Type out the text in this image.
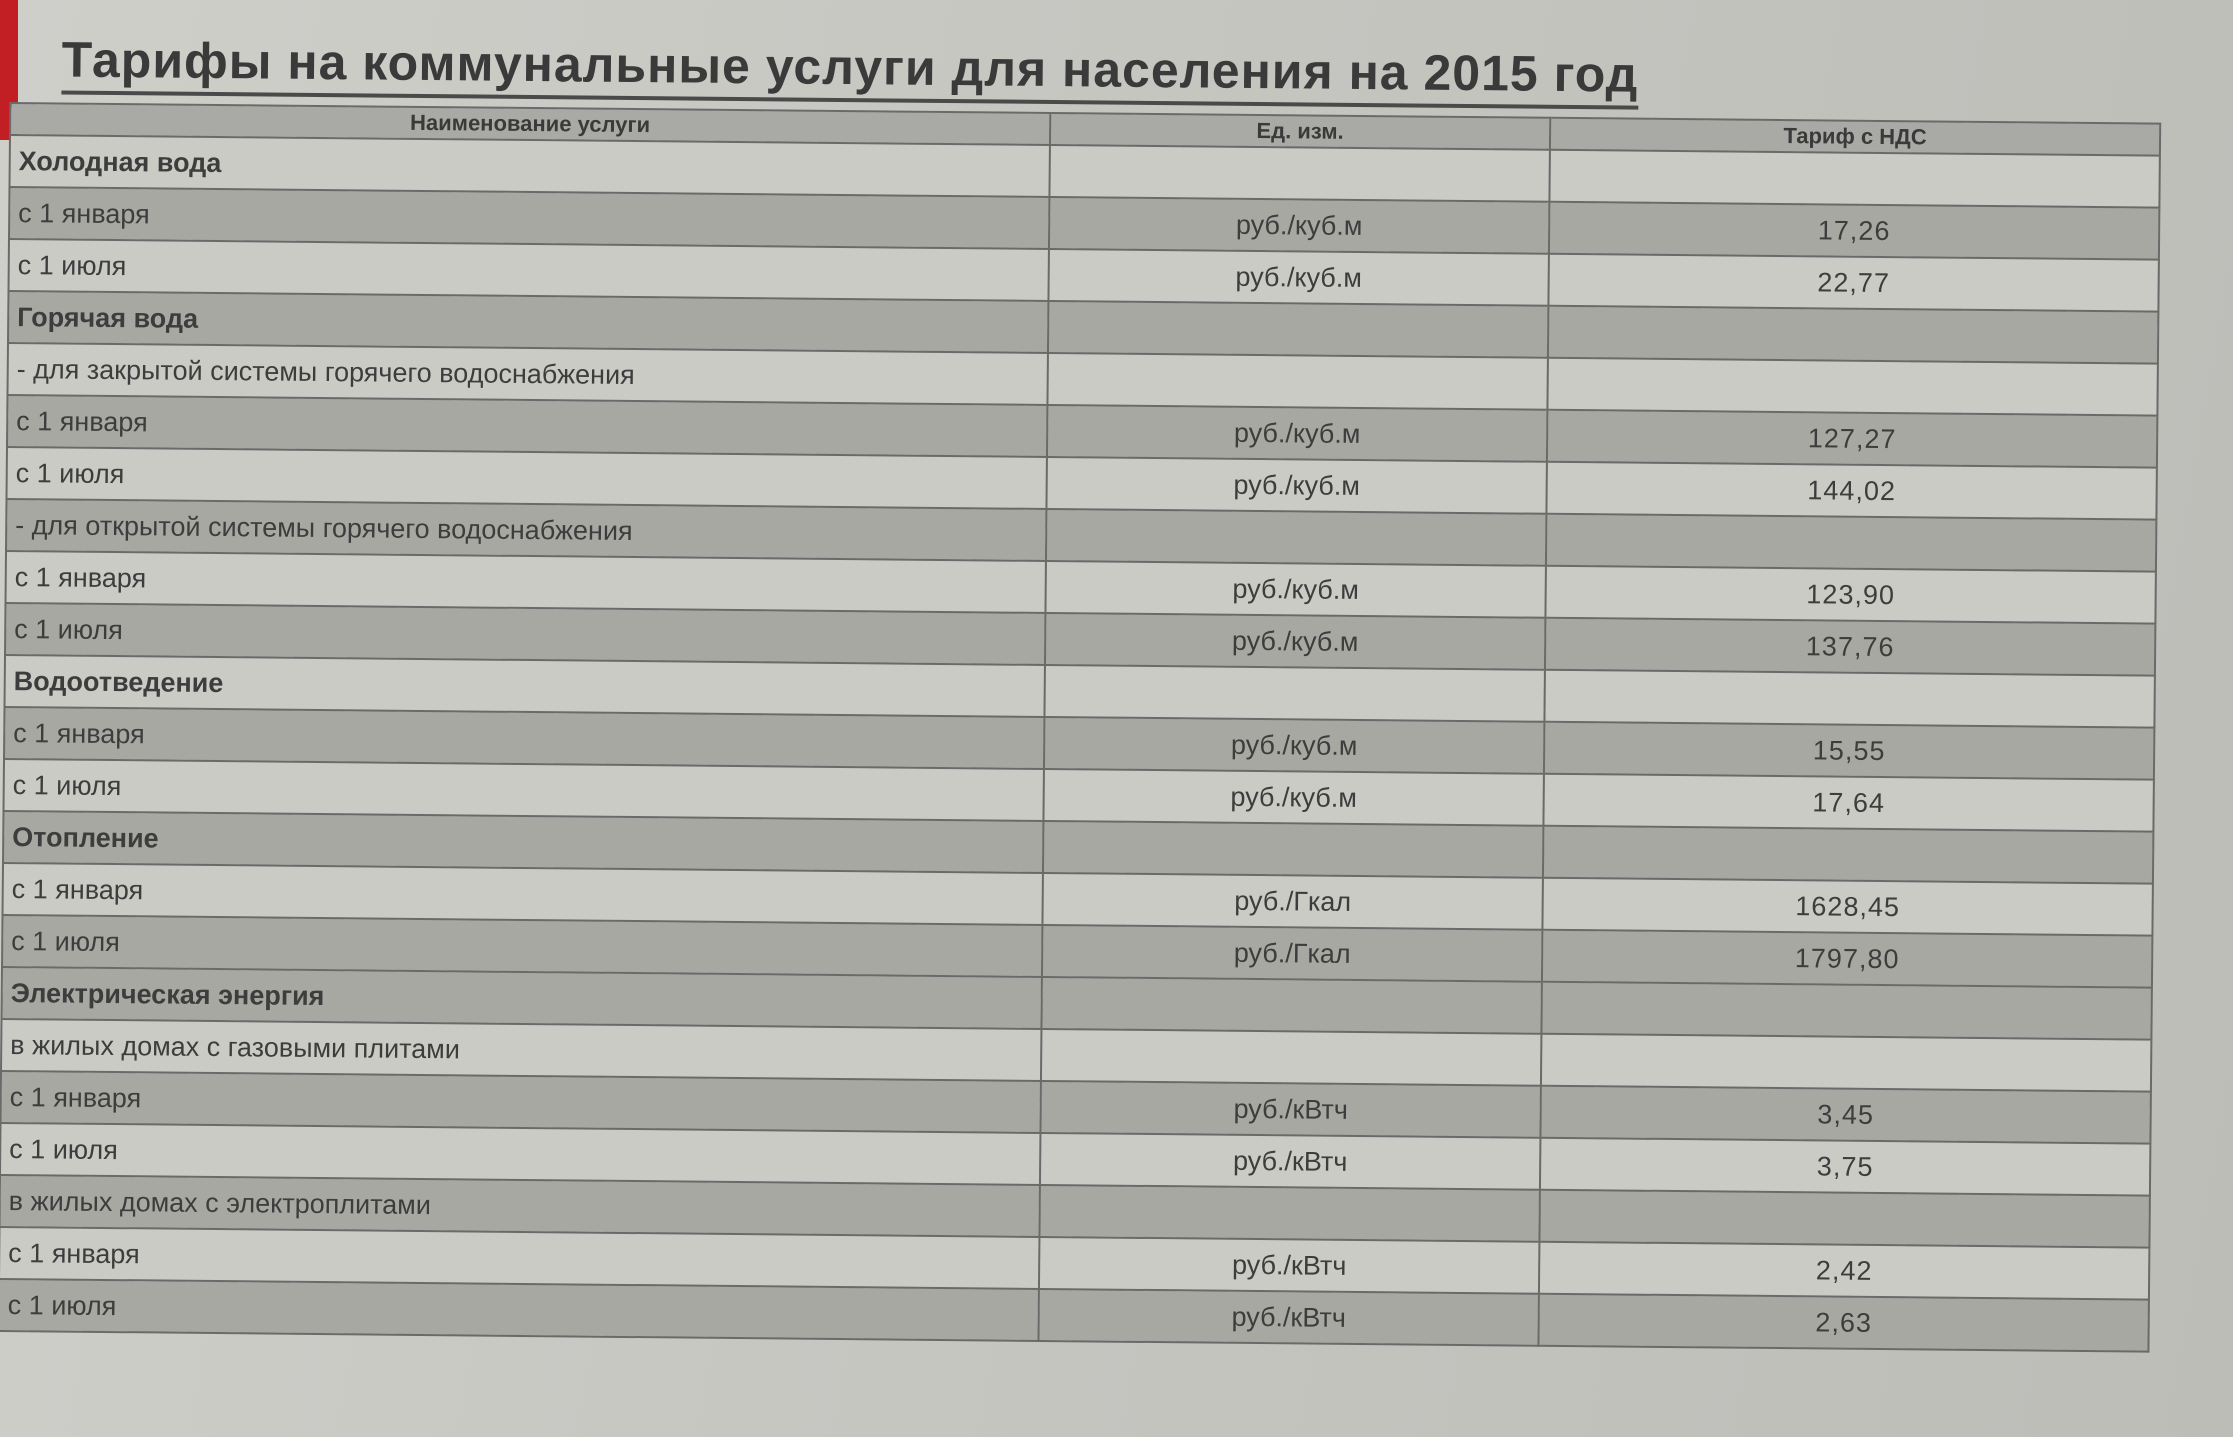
Тарифы на коммунальные услуги для населения на 2015 год
Наименование услуги	Ед. изм.	Тариф с НДС
Холодная вода		
с 1 января	руб./куб.м	17,26
с 1 июля	руб./куб.м	22,77
Горячая вода		
- для закрытой системы горячего водоснабжения		
с 1 января	руб./куб.м	127,27
с 1 июля	руб./куб.м	144,02
- для открытой системы горячего водоснабжения		
с 1 января	руб./куб.м	123,90
с 1 июля	руб./куб.м	137,76
Водоотведение		
с 1 января	руб./куб.м	15,55
с 1 июля	руб./куб.м	17,64
Отопление		
с 1 января	руб./Гкал	1628,45
с 1 июля	руб./Гкал	1797,80
Электрическая энергия		
в жилых домах с газовыми плитами		
с 1 января	руб./кВтч	3,45
с 1 июля	руб./кВтч	3,75
в жилых домах с электроплитами		
с 1 января	руб./кВтч	2,42
с 1 июля	руб./кВтч	2,63
